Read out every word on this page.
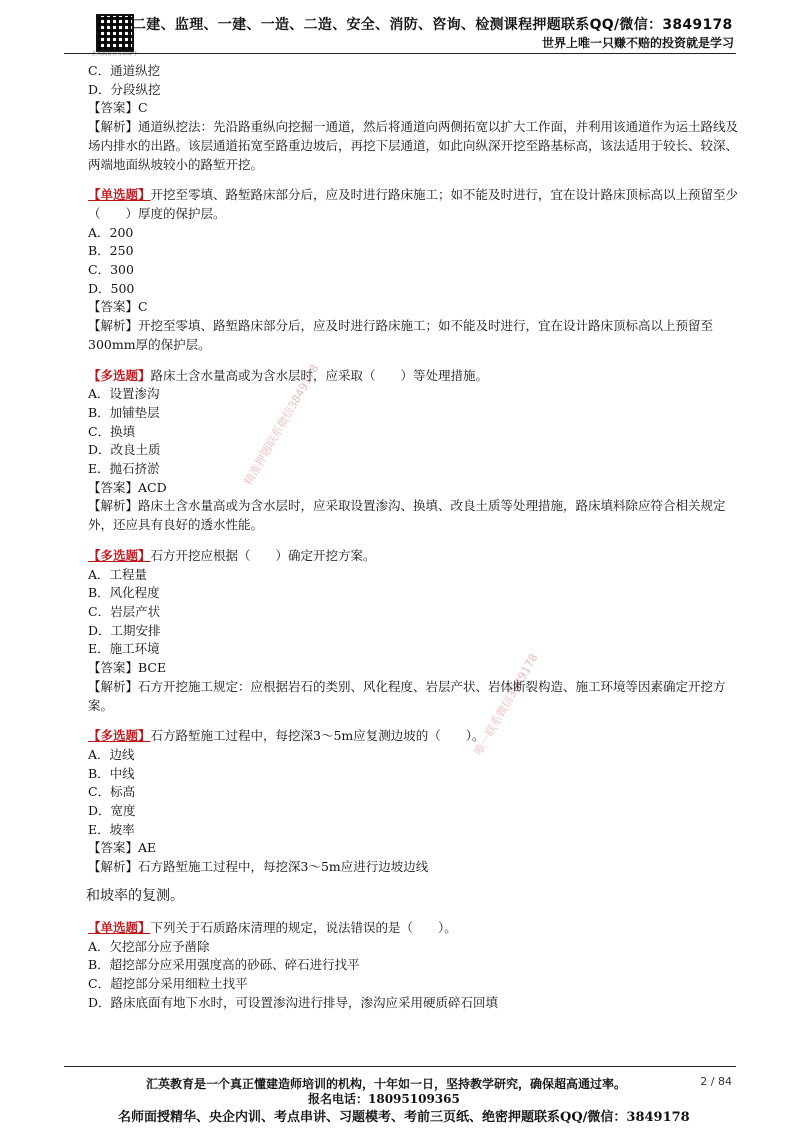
汇英教育官方公众号
二建、监理、一建、一造、二造、安全、消防、咨询、检测课程押题联系QQ/微信：3849178
世界上唯一只赚不赔的投资就是学习
精准押题联系微信3849178
唯一联系微信3849178
C．通道纵挖
D．分段纵挖
【答案】C
【解析】通道纵挖法：先沿路重纵向挖掘一通道，然后将通道向两侧拓宽以扩大工作面，并利用该通道作为运土路线及场内排水的出路。该层通道拓宽至路重边坡后，再挖下层通道，如此向纵深开挖至路基标高，该法适用于较长、较深、两端地面纵坡较小的路堑开挖。
【单选题】开挖至零填、路堑路床部分后，应及时进行路床施工；如不能及时进行，宜在设计路床顶标高以上预留至少（　　）厚度的保护层。
A．200
B．250
C．300
D．500
【答案】C
【解析】开挖至零填、路堑路床部分后，应及时进行路床施工；如不能及时进行，宜在设计路床顶标高以上预留至300mm厚的保护层。
【多选题】路床土含水量高或为含水层时，应采取（　　）等处理措施。
A．设置渗沟
B．加铺垫层
C．换填
D．改良土质
E．抛石挤淤
【答案】ACD
【解析】路床土含水量高或为含水层时，应采取设置渗沟、换填、改良土质等处理措施，路床填料除应符合相关规定外，还应具有良好的透水性能。
【多选题】石方开挖应根据（　　）确定开挖方案。
A．工程量
B．风化程度
C．岩层产状
D．工期安排
E．施工环境
【答案】BCE
【解析】石方开挖施工规定：应根据岩石的类别、风化程度、岩层产状、岩体断裂构造、施工环境等因素确定开挖方案。
【多选题】石方路堑施工过程中，每挖深3～5m应复测边坡的（　　）。
A．边线
B．中线
C．标高
D．宽度
E．坡率
【答案】AE
【解析】石方路堑施工过程中，每挖深3～5m应进行边坡边线
和坡率的复测。
【单选题】下列关于石质路床清理的规定，说法错误的是（　　）。
A．欠挖部分应予凿除
B．超挖部分应采用强度高的砂砾、碎石进行找平
C．超挖部分采用细粒土找平
D．路床底面有地下水时，可设置渗沟进行排导，渗沟应采用硬质碎石回填
汇英教育是一个真正懂建造师培训的机构，十年如一日，坚持教学研究，确保超高通过率。	2 / 84
报名电话：18095109365
名师面授精华、央企内训、考点串讲、习题模考、考前三页纸、绝密押题联系QQ/微信：3849178
